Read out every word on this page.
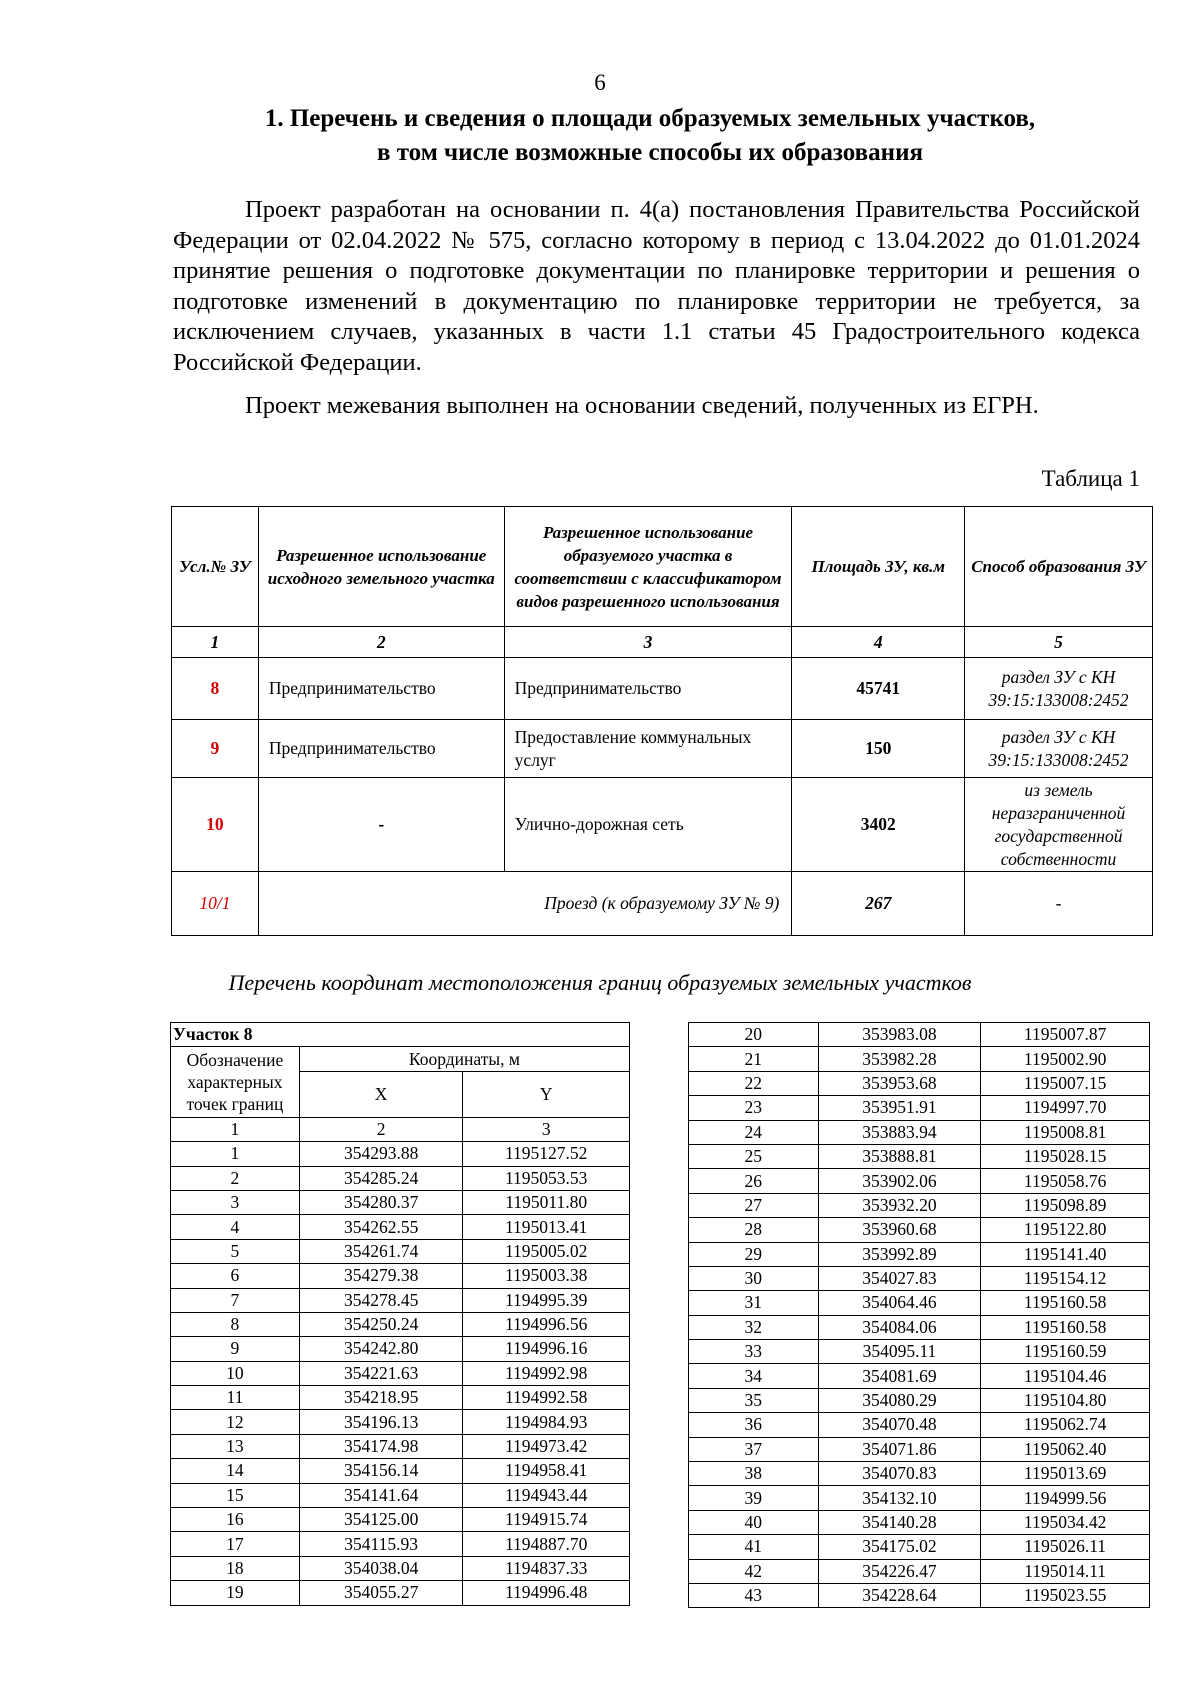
6
1. Перечень и сведения о площади образуемых земельных участков,
в том числе возможные способы их образования

Проект разработан на основании п. 4(а) постановления Правительства Российской Федерации от 02.04.2022 № 575, согласно которому в период с 13.04.2022 до 01.01.2024 принятие решения о подготовке документации по планировке территории и решения о подготовке изменений в документацию по планировке территории не требуется, за исключением случаев, указанных в части 1.1 статьи 45 Градостроительного кодекса Российской Федерации.

Проект межевания выполнен на основании сведений, полученных из ЕГРН.

Таблица 1
Усл.№ ЗУ	Разрешенное использование исходного земельного участка	Разрешенное использование образуемого участка в соответствии с классификатором видов разрешенного использования	Площадь ЗУ, кв.м	Способ образования ЗУ
1	2	3	4	5
8	Предпринимательство	Предпринимательство	45741	раздел ЗУ с КН 39:15:133008:2452
9	Предпринимательство	Предоставление коммунальных услуг	150	раздел ЗУ с КН 39:15:133008:2452
10	-	Улично-дорожная сеть	3402	из земель неразграниченной государственной собственности
10/1	Проезд (к образуемому ЗУ № 9)		267	-
Перечень координат местоположения границ образуемых земельных участков
Участок 8		
Обозначение характерных точек границ	Координаты, м	
	X	Y
1	2	3
1	354293.88	1195127.52
2	354285.24	1195053.53
3	354280.37	1195011.80
4	354262.55	1195013.41
5	354261.74	1195005.02
6	354279.38	1195003.38
7	354278.45	1194995.39
8	354250.24	1194996.56
9	354242.80	1194996.16
10	354221.63	1194992.98
11	354218.95	1194992.58
12	354196.13	1194984.93
13	354174.98	1194973.42
14	354156.14	1194958.41
15	354141.64	1194943.44
16	354125.00	1194915.74
17	354115.93	1194887.70
18	354038.04	1194837.33
19	354055.27	1194996.48
20	353983.08	1195007.87
21	353982.28	1195002.90
22	353953.68	1195007.15
23	353951.91	1194997.70
24	353883.94	1195008.81
25	353888.81	1195028.15
26	353902.06	1195058.76
27	353932.20	1195098.89
28	353960.68	1195122.80
29	353992.89	1195141.40
30	354027.83	1195154.12
31	354064.46	1195160.58
32	354084.06	1195160.58
33	354095.11	1195160.59
34	354081.69	1195104.46
35	354080.29	1195104.80
36	354070.48	1195062.74
37	354071.86	1195062.40
38	354070.83	1195013.69
39	354132.10	1194999.56
40	354140.28	1195034.42
41	354175.02	1195026.11
42	354226.47	1195014.11
43	354228.64	1195023.55
